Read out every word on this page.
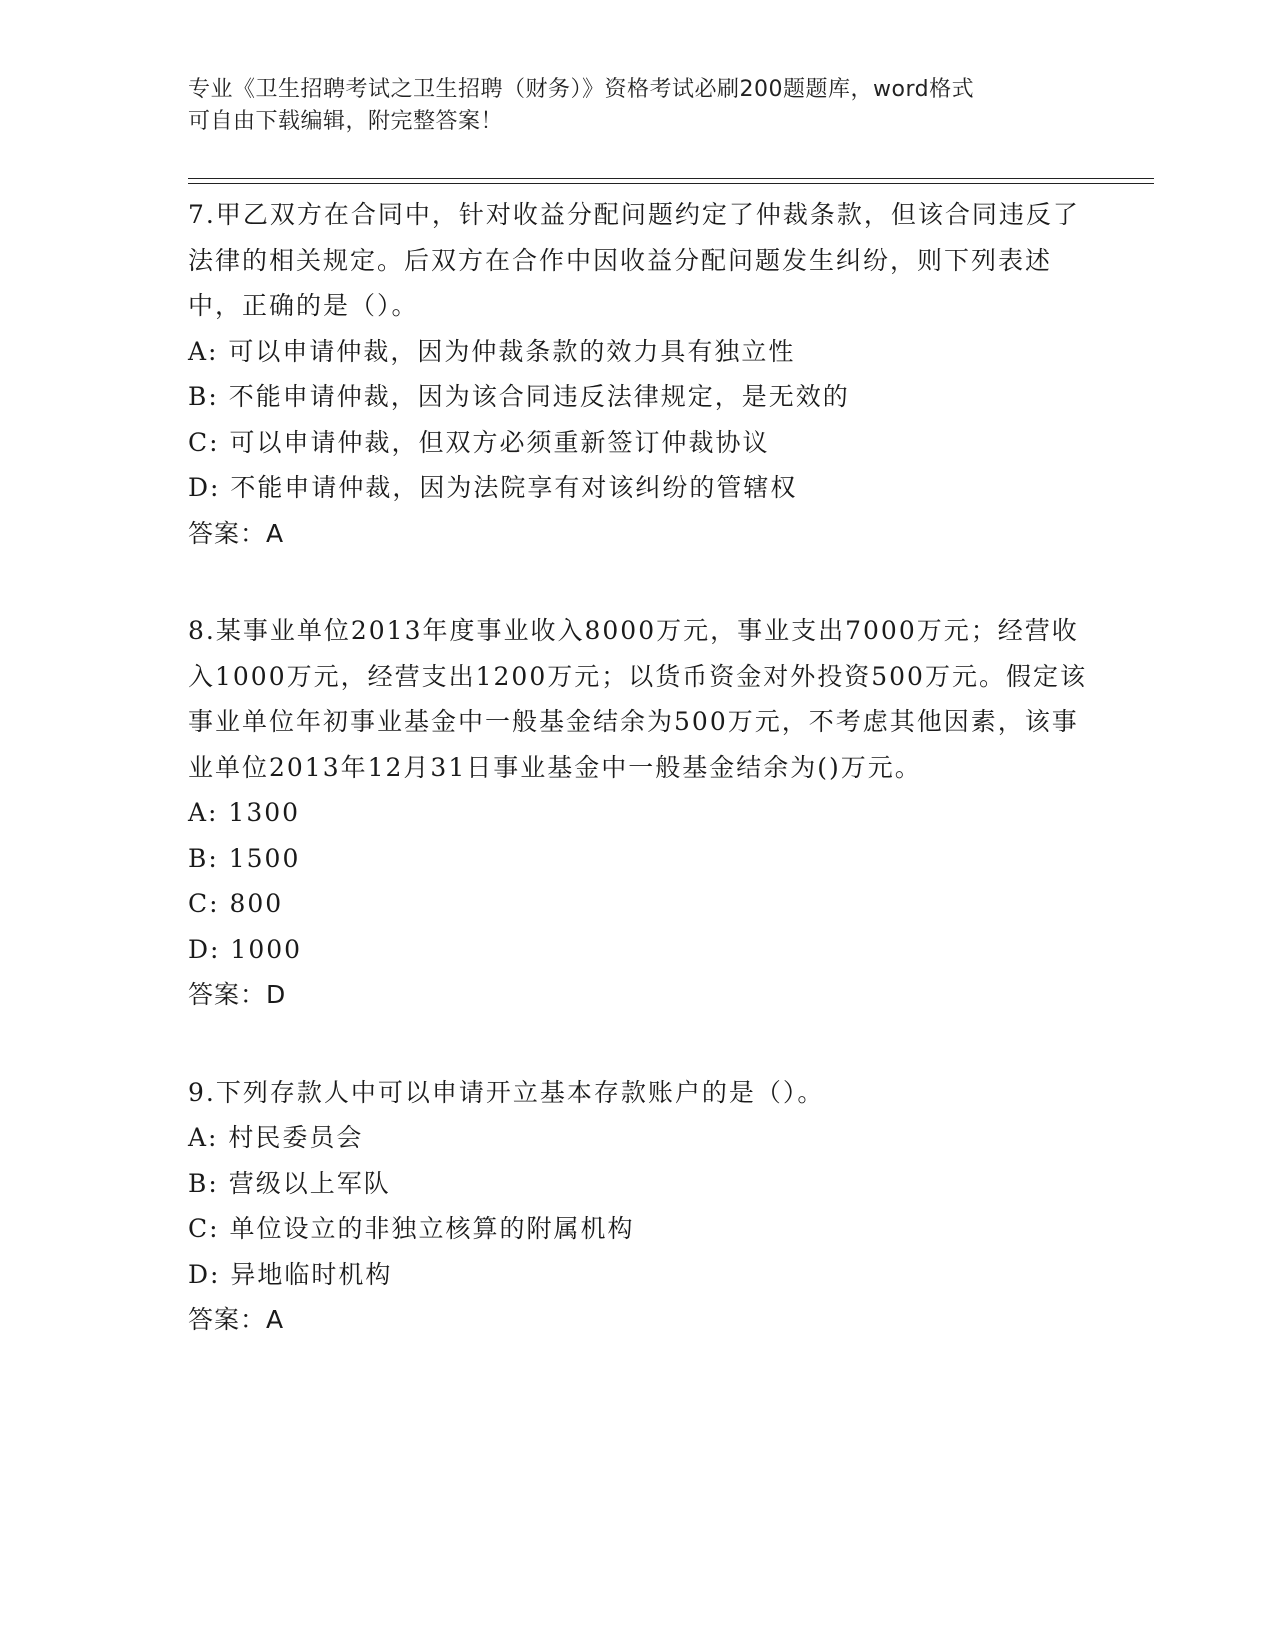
专业《卫生招聘考试之卫生招聘（财务）》资格考试必刷200题题库，word格式
可自由下载编辑，附完整答案！

7.甲乙双方在合同中，针对收益分配问题约定了仲裁条款，但该合同违反了法律的相关规定。后双方在合作中因收益分配问题发生纠纷，则下列表述中，正确的是（）。

A: 可以申请仲裁，因为仲裁条款的效力具有独立性
B: 不能申请仲裁，因为该合同违反法律规定，是无效的
C: 可以申请仲裁，但双方必须重新签订仲裁协议
D: 不能申请仲裁，因为法院享有对该纠纷的管辖权
答案：A

8.某事业单位2013年度事业收入8000万元，事业支出7000万元；经营收入1000万元，经营支出1200万元；以货币资金对外投资500万元。假定该事业单位年初事业基金中一般基金结余为500万元，不考虑其他因素，该事业单位2013年12月31日事业基金中一般基金结余为()万元。

A: 1300
B: 1500
C: 800
D: 1000
答案：D

9.下列存款人中可以申请开立基本存款账户的是（）。

A: 村民委员会
B: 营级以上军队
C: 单位设立的非独立核算的附属机构
D: 异地临时机构
答案：A
